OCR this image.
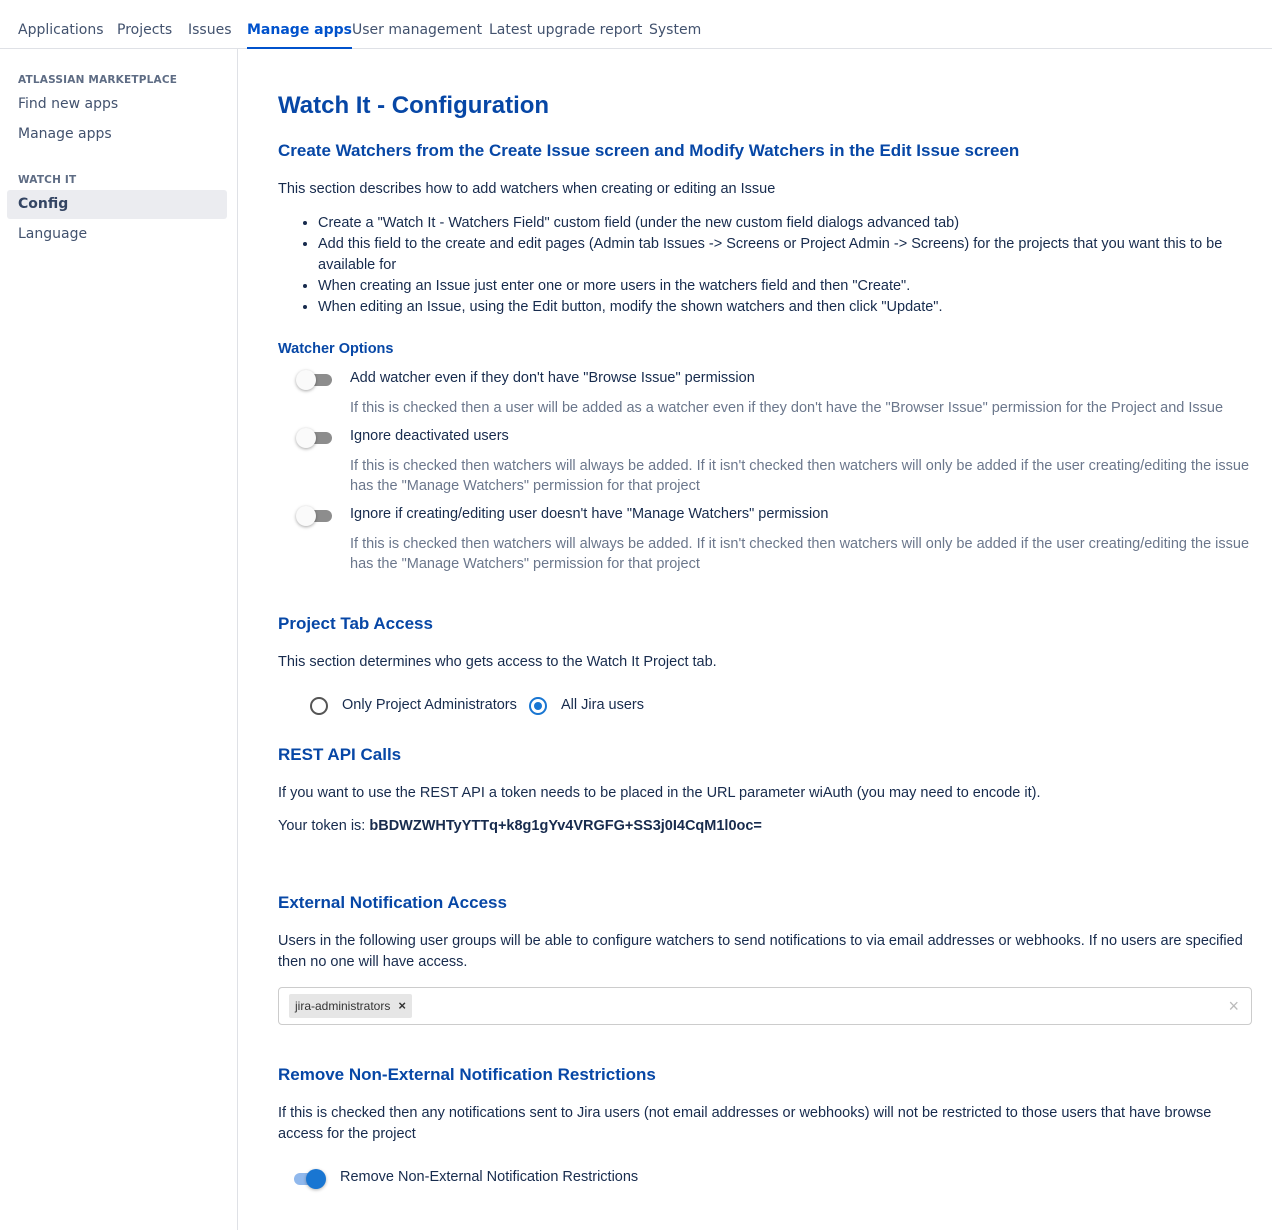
Applications Projects Issues Manage apps User management Latest upgrade report System
ATLASSIAN MARKETPLACE
Find new apps
Manage apps
WATCH IT
Config
Language
Watch It - Configuration
Create Watchers from the Create Issue screen and Modify Watchers in the Edit Issue screen
This section describes how to add watchers when creating or editing an Issue
• Create a "Watch It - Watchers Field" custom field (under the new custom field dialogs advanced tab)
• Add this field to the create and edit pages (Admin tab Issues -> Screens or Project Admin -> Screens) for the projects that you want this to be available for
• When creating an Issue just enter one or more users in the watchers field and then "Create".
• When editing an Issue, using the Edit button, modify the shown watchers and then click "Update".
Watcher Options
Add watcher even if they don't have "Browse Issue" permission
If this is checked then a user will be added as a watcher even if they don't have the "Browser Issue" permission for the Project and Issue
Ignore deactivated users
If this is checked then watchers will always be added. If it isn't checked then watchers will only be added if the user creating/editing the issue has the "Manage Watchers" permission for that project
Ignore if creating/editing user doesn't have "Manage Watchers" permission
If this is checked then watchers will always be added. If it isn't checked then watchers will only be added if the user creating/editing the issue has the "Manage Watchers" permission for that project
Project Tab Access
This section determines who gets access to the Watch It Project tab.
Only Project Administrators	All Jira users
REST API Calls
If you want to use the REST API a token needs to be placed in the URL parameter wiAuth (you may need to encode it).
Your token is: bBDWZWHTyYTTq+k8g1gYv4VRGFG+SS3j0I4CqM1l0oc=
External Notification Access
Users in the following user groups will be able to configure watchers to send notifications to via email addresses or webhooks. If no users are specified then no one will have access.
jira-administrators ×	×
Remove Non-External Notification Restrictions
If this is checked then any notifications sent to Jira users (not email addresses or webhooks) will not be restricted to those users that have browse access for the project
Remove Non-External Notification Restrictions
